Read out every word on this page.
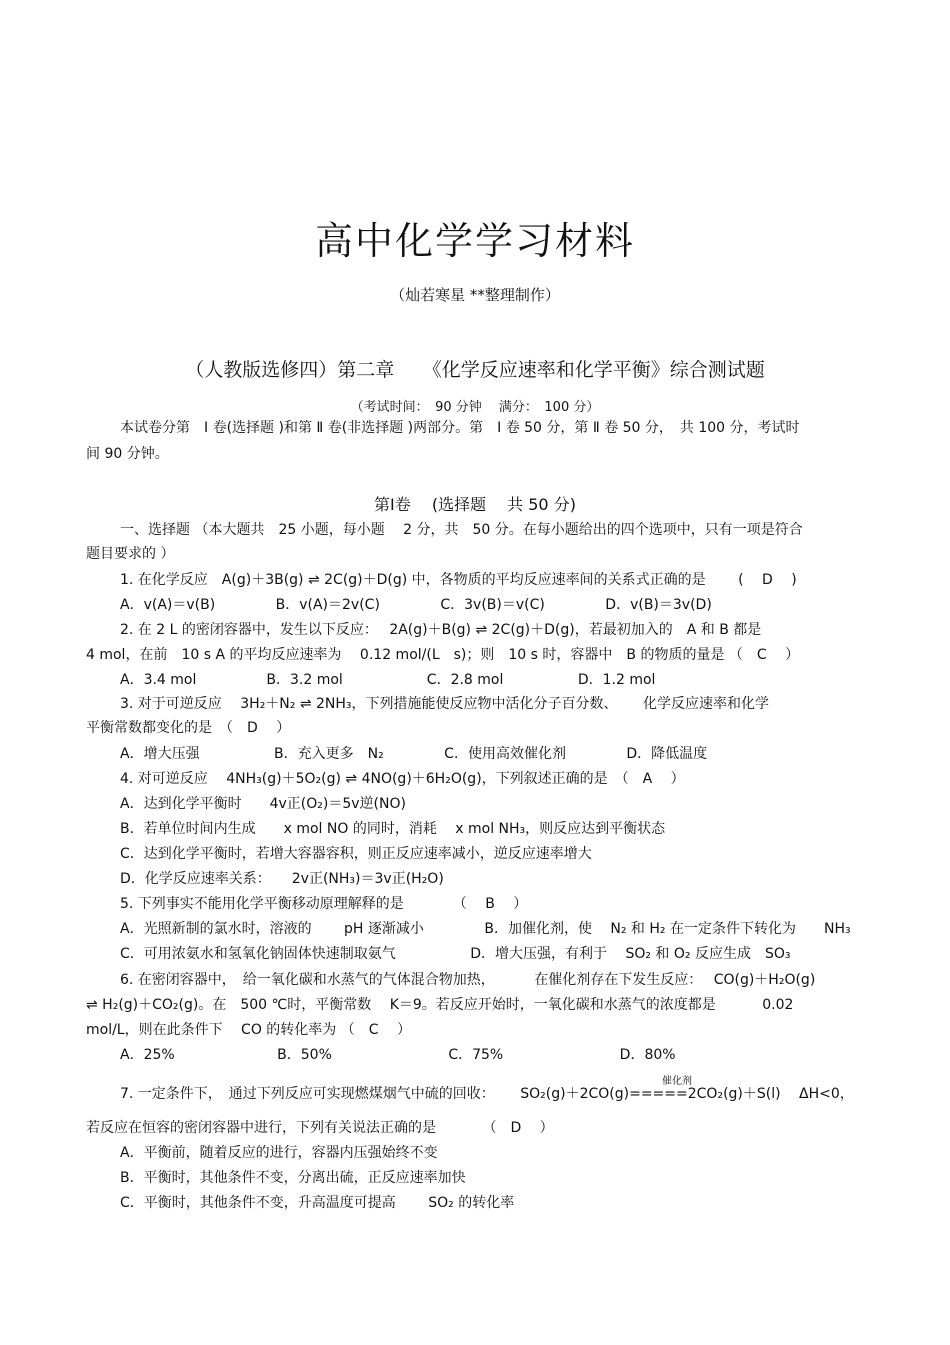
高中化学学习材料
（灿若寒星 **整理制作）
（人教版选修四）第二章　　《化学反应速率和化学平衡》综合测试题
（考试时间：　90 分钟　 满分：　100 分）
本试卷分第　Ⅰ 卷(选择题 )和第 Ⅱ 卷(非选择题 )两部分。第　Ⅰ 卷 50 分，第 Ⅱ 卷 50 分，　共 100 分，考试时
间 90 分钟。
第Ⅰ卷　 (选择题　 共 50 分)
一、选择题 （本大题共　25 小题，每小题　 2 分，共　50 分。在每小题给出的四个选项中，只有一项是符合
题目要求的 ）
1. 在化学反应　A(g)＋3B(g) ⇌ 2C(g)＋D(g) 中，各物质的平均反应速率间的关系式正确的是　　 (　 D　 )
A．v(A)＝v(B)　　　　 B．v(A)＝2v(C)　　　　 C．3v(B)＝v(C)　　　　 D．v(B)＝3v(D)
2. 在 2 L 的密闭容器中，发生以下反应：　 2A(g)＋B(g) ⇌ 2C(g)＋D(g)，若最初加入的　A 和 B 都是
4 mol，在前　10 s A 的平均反应速率为　 0.12 mol/(L　s)；则　10 s 时，容器中　B 的物质的量是 （　C　 ）
A．3.4 mol　　　　　B．3.2 mol　　　　　　C．2.8 mol　　　　　 D．1.2 mol
3. 对于可逆反应　 3H₂＋N₂ ⇌ 2NH₃，下列措施能使反应物中活化分子百分数、　　 化学反应速率和化学
平衡常数都变化的是　（　D　 ）
A．增大压强　　　　　 B．充入更多　N₂　　　　 C．使用高效催化剂　　　　 D．降低温度
4. 对可逆反应　 4NH₃(g)＋5O₂(g) ⇌ 4NO(g)＋6H₂O(g)，下列叙述正确的是　（　A　 ）
A．达到化学平衡时　　4v正(O₂)＝5v逆(NO)
B．若单位时间内生成　　x mol NO 的同时，消耗　 x mol NH₃，则反应达到平衡状态
C．达到化学平衡时，若增大容器容积，则正反应速率减小，逆反应速率增大
D．化学反应速率关系：　　2v正(NH₃)＝3v正(H₂O)
5. 下列事实不能用化学平衡移动原理解释的是　　　　（　 B　 ）
A．光照新制的氯水时，溶液的　　 pH 逐渐减小　　　　 B．加催化剂，使　 N₂ 和 H₂ 在一定条件下转化为　　NH₃
C．可用浓氨水和氢氧化钠固体快速制取氨气　　　　　 D．增大压强，有利于　 SO₂ 和 O₂ 反应生成　SO₃
6. 在密闭容器中，　给一氧化碳和水蒸气的气体混合物加热，　　　 在催化剂存在下发生反应：　 CO(g)＋H₂O(g)
⇌ H₂(g)＋CO₂(g)。在　500 ℃时，平衡常数　 K＝9。若反应开始时，一氧化碳和水蒸气的浓度都是　　　 0.02
mol/L，则在此条件下　 CO 的转化率为 （　C　 ）
A．25%　　　　　　　 B．50%　　　　　　　　 C．75%　　　　　　　　 D．80%
催化剂
7. 一定条件下，　通过下列反应可实现燃煤烟气中硫的回收：　　 SO₂(g)＋2CO(g)=====2CO₂(g)＋S(l)　 ΔH<0，
若反应在恒容的密闭容器中进行，下列有关说法正确的是　　　 （　D　 ）
A．平衡前，随着反应的进行，容器内压强始终不变
B．平衡时，其他条件不变，分离出硫，正反应速率加快
C．平衡时，其他条件不变，升高温度可提高　　 SO₂ 的转化率
